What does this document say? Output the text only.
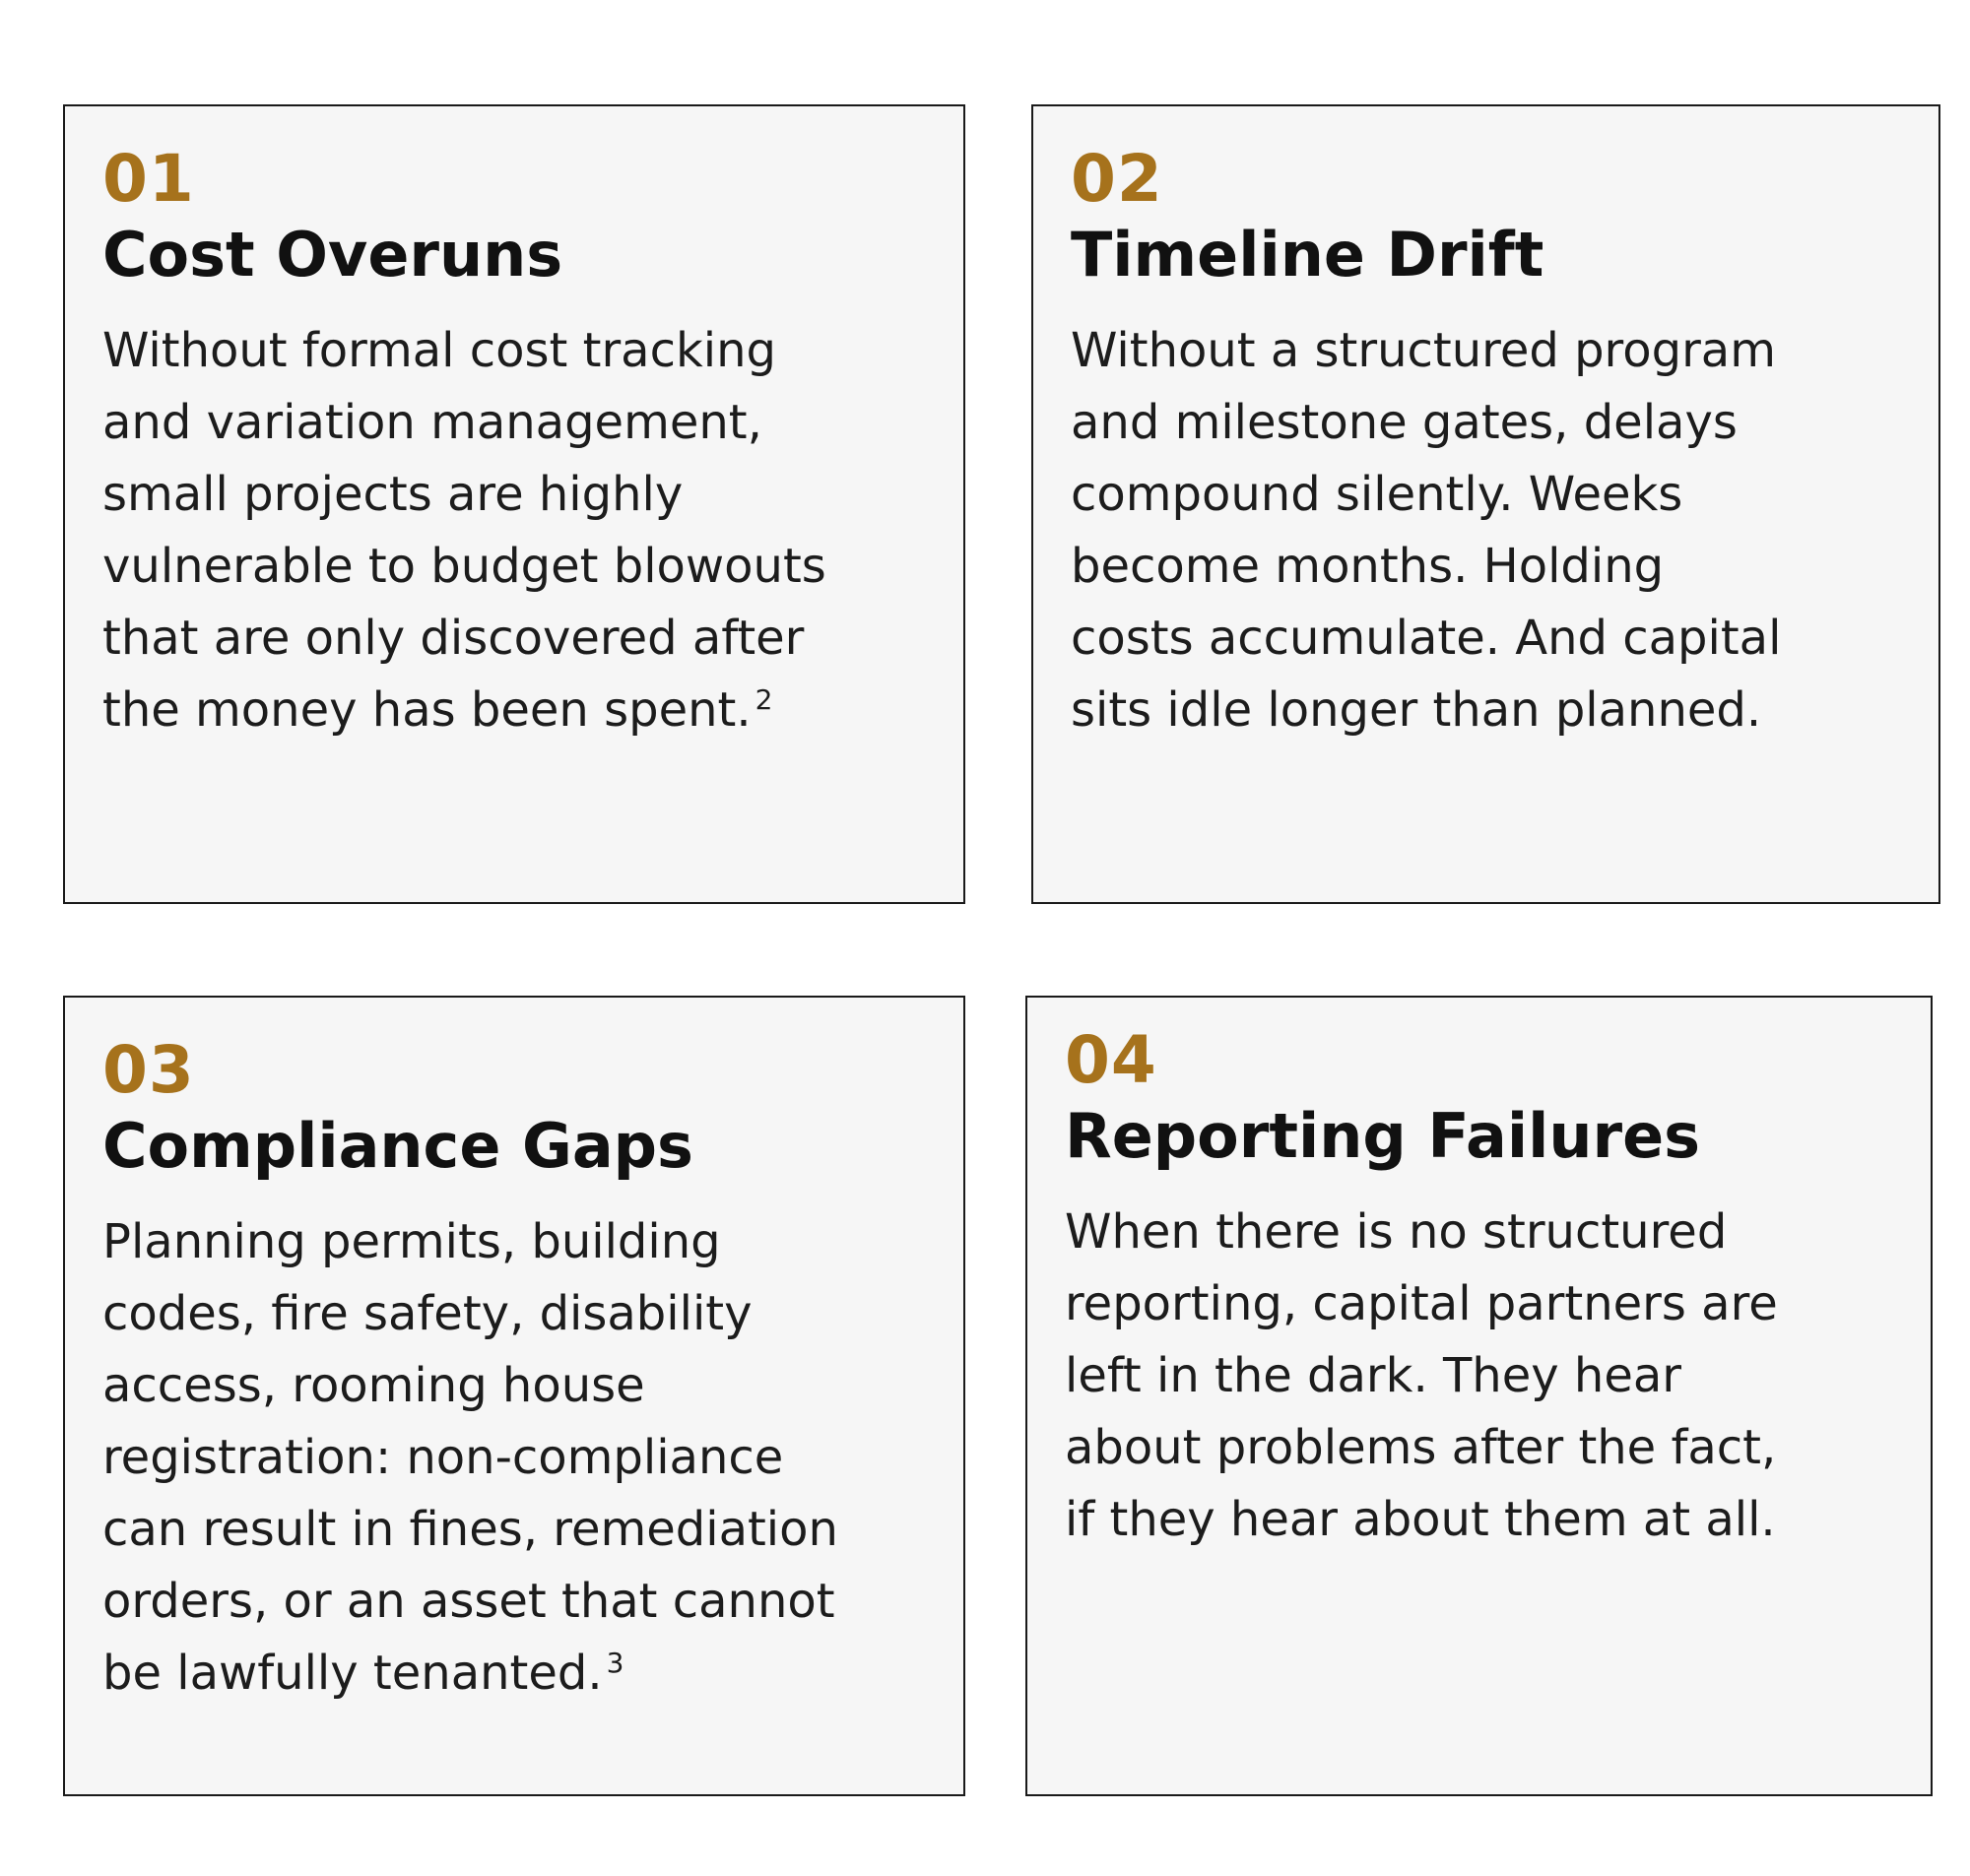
01
Cost Overuns

Without formal cost tracking
and variation management,
small projects are highly
vulnerable to budget blowouts
that are only discovered after
the money has been spent. $^2$

02
Timeline Drift

Without a structured program
and milestone gates, delays
compound silently. Weeks
become months. Holding
costs accumulate. And capital
sits idle longer than planned.

03
Compliance Gaps

Planning permits, building
codes, fire safety, disability
access, rooming house
registration: non-compliance
can result in fines, remediation
orders, or an asset that cannot
be lawfully tenanted. $^3$

04
Reporting Failures

When there is no structured
reporting, capital partners are
left in the dark. They hear
about problems after the fact,
if they hear about them at all.
